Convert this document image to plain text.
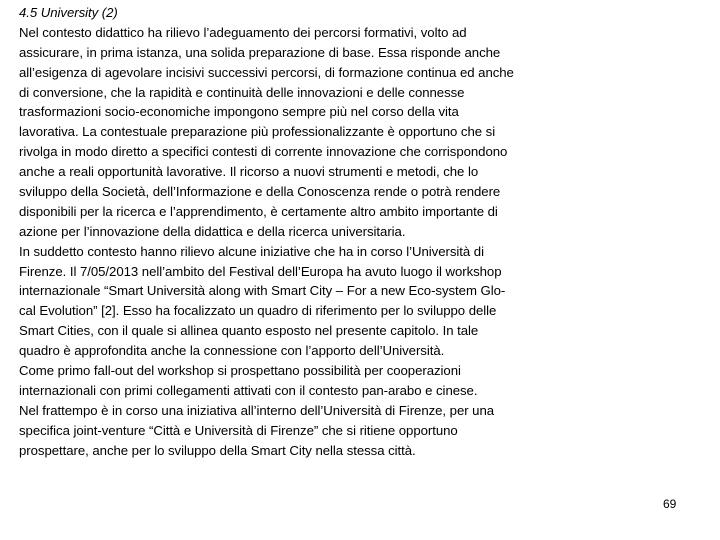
4.5 University (2)
Nel contesto didattico ha rilievo l’adeguamento dei percorsi formativi, volto ad
assicurare, in prima istanza, una solida preparazione di base. Essa risponde anche
all’esigenza di agevolare incisivi successivi percorsi, di formazione continua ed anche
di conversione, che la rapidità e continuità delle innovazioni e delle connesse
trasformazioni socio-economiche impongono sempre più nel corso della vita
lavorativa. La contestuale preparazione più professionalizzante è opportuno che si
rivolga in modo diretto a specifici contesti di corrente innovazione che corrispondono
anche a reali opportunità lavorative. Il ricorso a nuovi strumenti e metodi, che lo
sviluppo della Società, dell’Informazione e della Conoscenza rende o potrà rendere
disponibili per la ricerca e l’apprendimento, è certamente altro ambito importante di
azione per l’innovazione della didattica e della ricerca universitaria.
In suddetto contesto hanno rilievo alcune iniziative che ha in corso l’Università di
Firenze. Il 7/05/2013 nell’ambito del Festival dell’Europa ha avuto luogo il workshop
internazionale “Smart Università along with Smart City – For a new Eco-system Glo-
cal Evolution” [2]. Esso ha focalizzato un quadro di riferimento per lo sviluppo delle
Smart Cities, con il quale si allinea quanto esposto nel presente capitolo. In tale
quadro è approfondita anche la connessione con l’apporto dell’Università.
Come primo fall-out del workshop si prospettano possibilità per cooperazioni
internazionali con primi collegamenti attivati con il contesto pan-arabo e cinese.
Nel frattempo è in corso una iniziativa all’interno dell’Università di Firenze, per una
specifica joint-venture “Città e Università di Firenze” che si ritiene opportuno
prospettare, anche per lo sviluppo della Smart City nella stessa città.
69
